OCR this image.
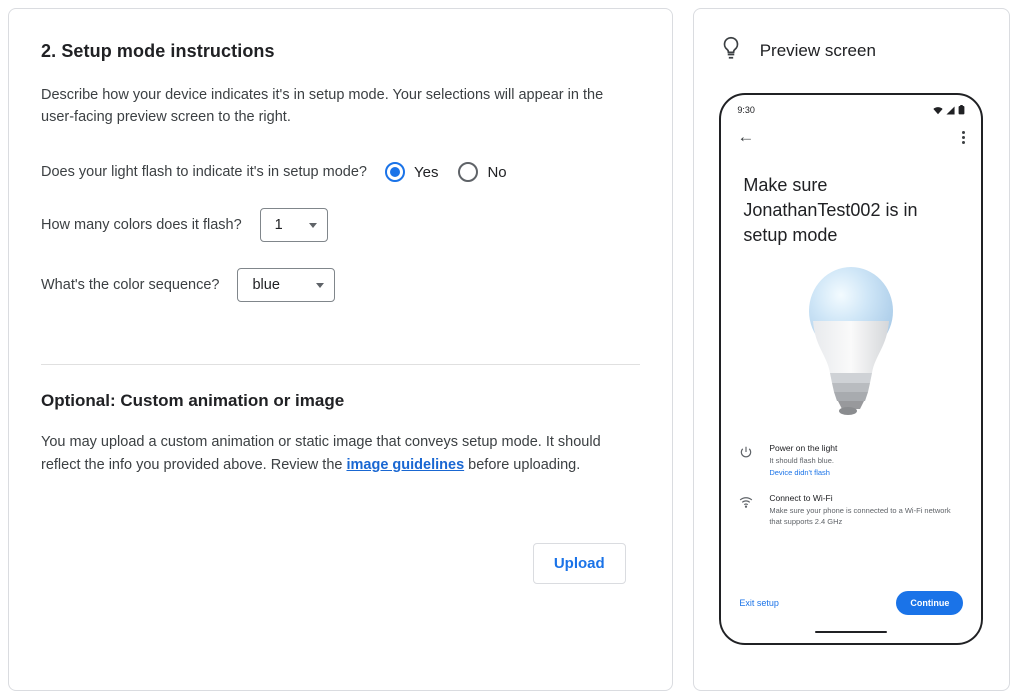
2. Setup mode instructions

Describe how your device indicates it's in setup mode. Your selections will appear in the user-facing preview screen to the right.

Does your light flash to indicate it's in setup mode?	Yes	No
How many colors does it flash? 1
What's the color sequence? blue
Optional: Custom animation or image

You may upload a custom animation or static image that conveys setup mode. It should reflect the info you provided above. Review the image guidelines before uploading.

Upload
Preview screen
9:30
←
Make sure JonathanTest002 is in setup mode
Power on the light
It should flash blue.
Device didn't flash
Connect to Wi-Fi
Make sure your phone is connected to a Wi-Fi network that supports 2.4 GHz
Exit setup	Continue
